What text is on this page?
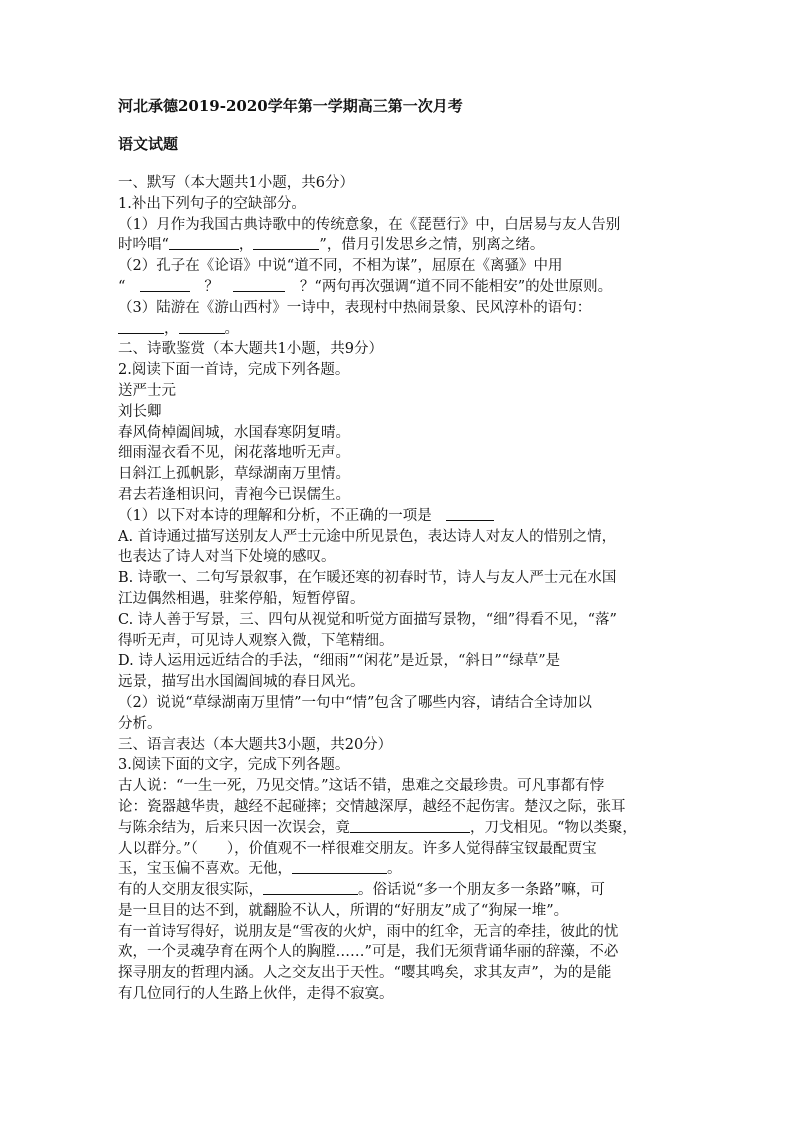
河北承德2019-2020学年第一学期高三第一次月考
语文试题
一、默写（本大题共1小题，共6分）
1.补出下列句子的空缺部分。
（1）月作为我国古典诗歌中的传统意象，在《琵琶行》中，白居易与友人告别
时吟唱“	，	”，借月引发思乡之情，别离之绪。
（2）孔子在《论语》中说“道不同，不相为谋”，屈原在《离骚》中用
“　	　？　	　？“两句再次强调“道不同不能相安”的处世原则。
（3）陆游在《游山西村》一诗中，表现村中热闹景象、民风淳朴的语句：
，	。
二、诗歌鉴赏（本大题共1小题，共9分）
2.阅读下面一首诗，完成下列各题。
送严士元
刘长卿
春风倚棹阖闾城，水国春寒阴复晴。
细雨湿衣看不见，闲花落地听无声。
日斜江上孤帆影，草绿湖南万里情。
君去若逢相识问，青袍今已误儒生。
（1）以下对本诗的理解和分析，不正确的一项是　
A. 首诗通过描写送别友人严士元途中所见景色，表达诗人对友人的惜别之情，
也表达了诗人对当下处境的感叹。
B. 诗歌一、二句写景叙事，在乍暖还寒的初春时节，诗人与友人严士元在水国
江边偶然相遇，驻桨停船，短暂停留。
C. 诗人善于写景，三、四句从视觉和听觉方面描写景物，“细”得看不见，“落”
得听无声，可见诗人观察入微，下笔精细。
D. 诗人运用远近结合的手法，“细雨”“闲花”是近景，“斜日”“绿草”是
远景，描写出水国阖闾城的春日风光。
（2）说说“草绿湖南万里情”一句中“情”包含了哪些内容，请结合全诗加以
分析。
三、语言表达（本大题共3小题，共20分）
3.阅读下面的文字，完成下列各题。
古人说：“一生一死，乃见交情。”这话不错，患难之交最珍贵。可凡事都有悖
论：瓷器越华贵，越经不起碰摔；交情越深厚，越经不起伤害。楚汉之际，张耳
与陈余结为，后来只因一次误会，竟	，刀戈相见。“物以类聚，
人以群分。”（　　），价值观不一样很难交朋友。许多人觉得薛宝钗最配贾宝
玉，宝玉偏不喜欢。无他，	。
有的人交朋友很实际，	。俗话说“多一个朋友多一条路”嘛，可
是一旦目的达不到，就翻脸不认人，所谓的“好朋友”成了“狗屎一堆”。
有一首诗写得好，说朋友是“雪夜的火炉，雨中的红伞，无言的牵挂，彼此的忧
欢，一个灵魂孕育在两个人的胸膛……”可是，我们无须背诵华丽的辞藻，不必
探寻朋友的哲理内涵。人之交友出于天性。“嘤其鸣矣，求其友声”，为的是能
有几位同行的人生路上伙伴，走得不寂寞。
